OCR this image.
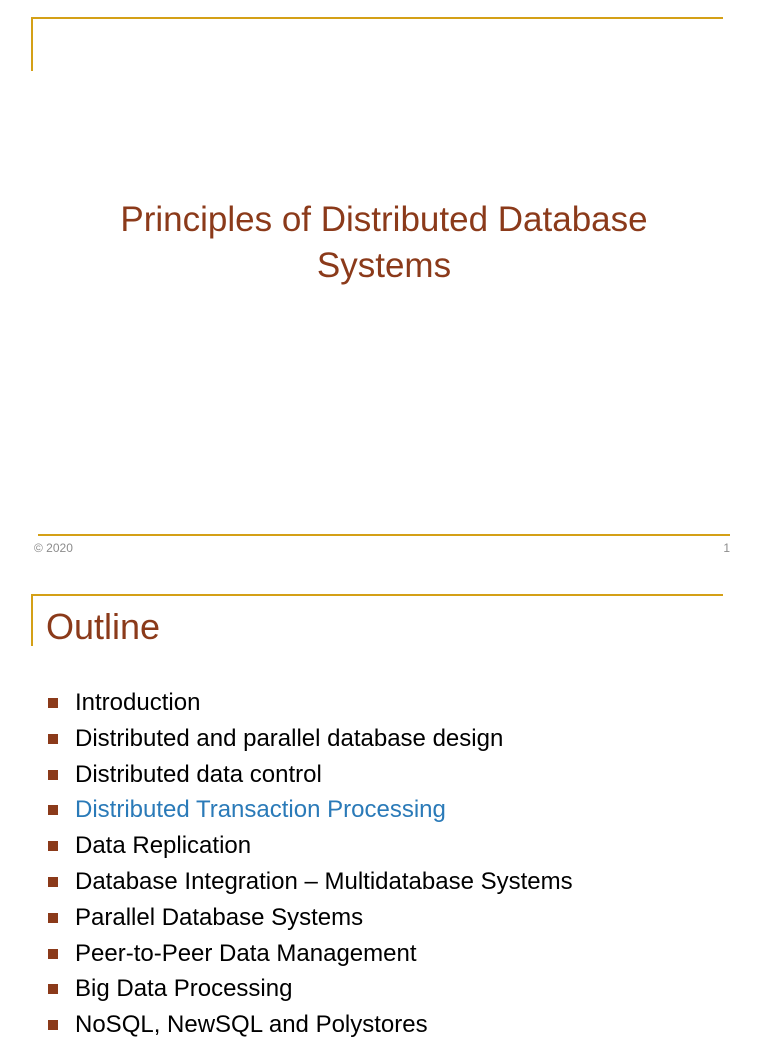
Principles of Distributed Database
Systems
© 2020	1
Outline
Introduction
Distributed and parallel database design
Distributed data control
Distributed Transaction Processing
Data Replication
Database Integration – Multidatabase Systems
Parallel Database Systems
Peer-to-Peer Data Management
Big Data Processing
NoSQL, NewSQL and Polystores
